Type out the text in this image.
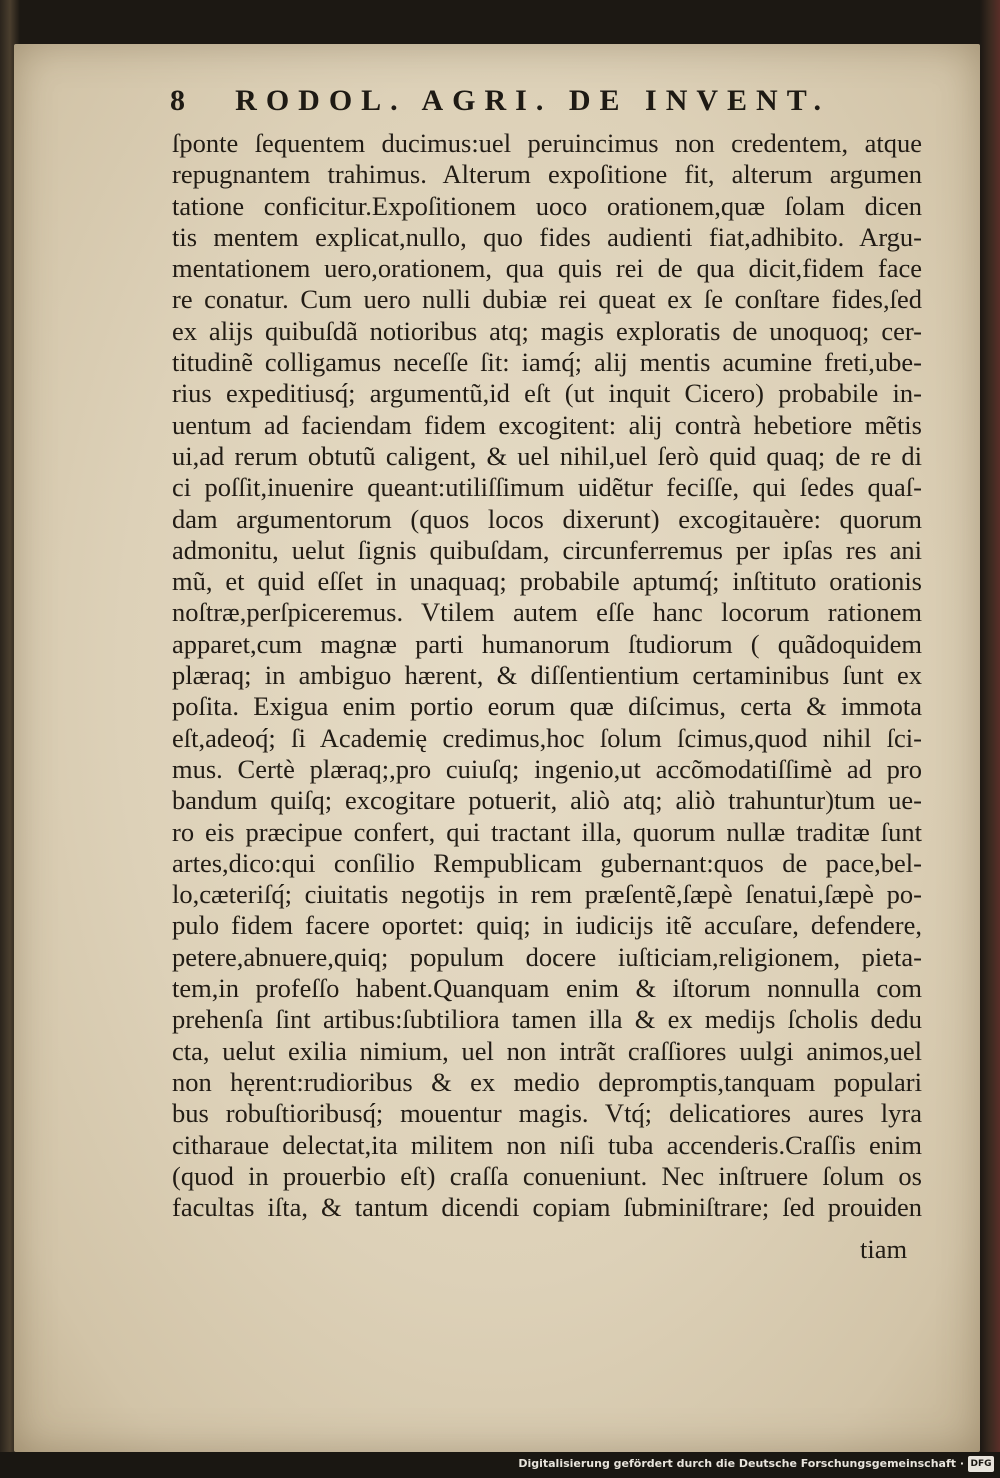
8	RODOL. AGRI. DE INVENT.
ſponte ſequentem ducimus:uel peruincimus non credentem, atque
repugnantem trahimus. Alterum expoſitione fit, alterum argumen
tatione conficitur.Expoſitionem uoco orationem,quæ ſolam dicen
tis mentem explicat,nullo, quo fides audienti fiat,adhibito. Argu-
mentationem uero,orationem, qua quis rei de qua dicit,fidem face
re conatur. Cum uero nulli dubiæ rei queat ex ſe conſtare fides,ſed
ex alijs quibuſdã notioribus atq; magis exploratis de unoquoq; cer-
titudinẽ colligamus neceſſe ſit: iamq́; alij mentis acumine freti,ube-
rius expeditiusq́; argumentũ,id eſt (ut inquit Cicero) probabile in-
uentum ad faciendam fidem excogitent: alij contrà hebetiore mẽtis
ui,ad rerum obtutũ caligent, & uel nihil,uel ſerò quid quaq; de re di
ci poſſit,inuenire queant:utiliſſimum uidẽtur feciſſe, qui ſedes quaſ-
dam argumentorum (quos locos dixerunt) excogitauère: quorum
admonitu, uelut ſignis quibuſdam, circunferremus per ipſas res ani
mũ, et quid eſſet in unaquaq; probabile aptumq́; inſtituto orationis
noſtræ,perſpiceremus. Vtilem autem eſſe hanc locorum rationem
apparet,cum magnæ parti humanorum ſtudiorum ( quãdoquidem
plæraq; in ambiguo hærent, & diſſentientium certaminibus ſunt ex
poſita. Exigua enim portio eorum quæ diſcimus, certa & immota
eſt,adeoq́; ſi Academię credimus,hoc ſolum ſcimus,quod nihil ſci-
mus. Certè plæraq;,pro cuiuſq; ingenio,ut accõmodatiſſimè ad pro
bandum quiſq; excogitare potuerit, aliò atq; aliò trahuntur)tum ue-
ro eis præcipue confert, qui tractant illa, quorum nullæ traditæ ſunt
artes,dico:qui conſilio Rempublicam gubernant:quos de pace,bel-
lo,cæteriſq́; ciuitatis negotijs in rem præſentẽ,ſæpè ſenatui,ſæpè po-
pulo fidem facere oportet: quiq; in iudicijs itẽ accuſare, defendere,
petere,abnuere,quiq; populum docere iuſticiam,religionem, pieta-
tem,in profeſſo habent.Quanquam enim & iſtorum nonnulla com
prehenſa ſint artibus:ſubtiliora tamen illa & ex medijs ſcholis dedu
cta, uelut exilia nimium, uel non intrãt craſſiores uulgi animos,uel
non hęrent:rudioribus & ex medio depromptis,tanquam populari
bus robuſtioribusq́; mouentur magis. Vtq́; delicatiores aures lyra
citharaue delectat,ita militem non niſi tuba accenderis.Craſſis enim
(quod in prouerbio eſt) craſſa conueniunt. Nec inſtruere ſolum os
facultas iſta, & tantum dicendi copiam ſubminiſtrare; ſed prouiden
tiam
Digitalisierung gefördert durch die Deutsche Forschungsgemeinschaft · DFG
